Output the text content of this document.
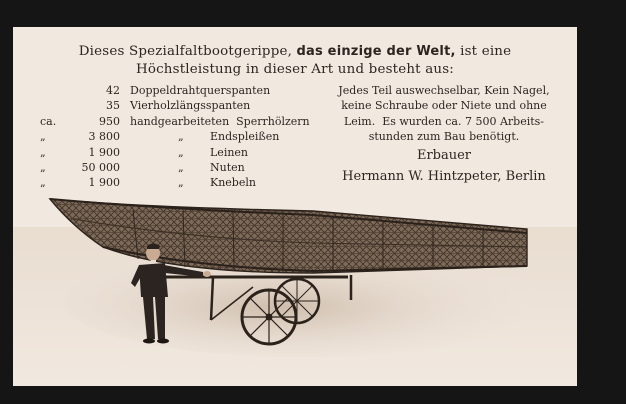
Dieses Spezialfaltbootgerippe, das einzige der Welt, ist eine
Höchstleistung in dieser Art und besteht aus:
42 Doppeldrahtquerspanten
35 Vierholzlängsspanten
ca.	950 handgearbeiteten  Sperrhölzern
„	3 800	„ Endspleißen
„	1 900	„ Leinen
„	50 000	„ Nuten
„	1 900	„ Knebeln
Jedes Teil auswechselbar, Kein Nagel,
keine Schraube oder Niete und ohne
Leim.  Es wurden ca. 7 500 Arbeits-
stunden zum Bau benötigt.
Erbauer
Hermann W. Hintzpeter, Berlin
